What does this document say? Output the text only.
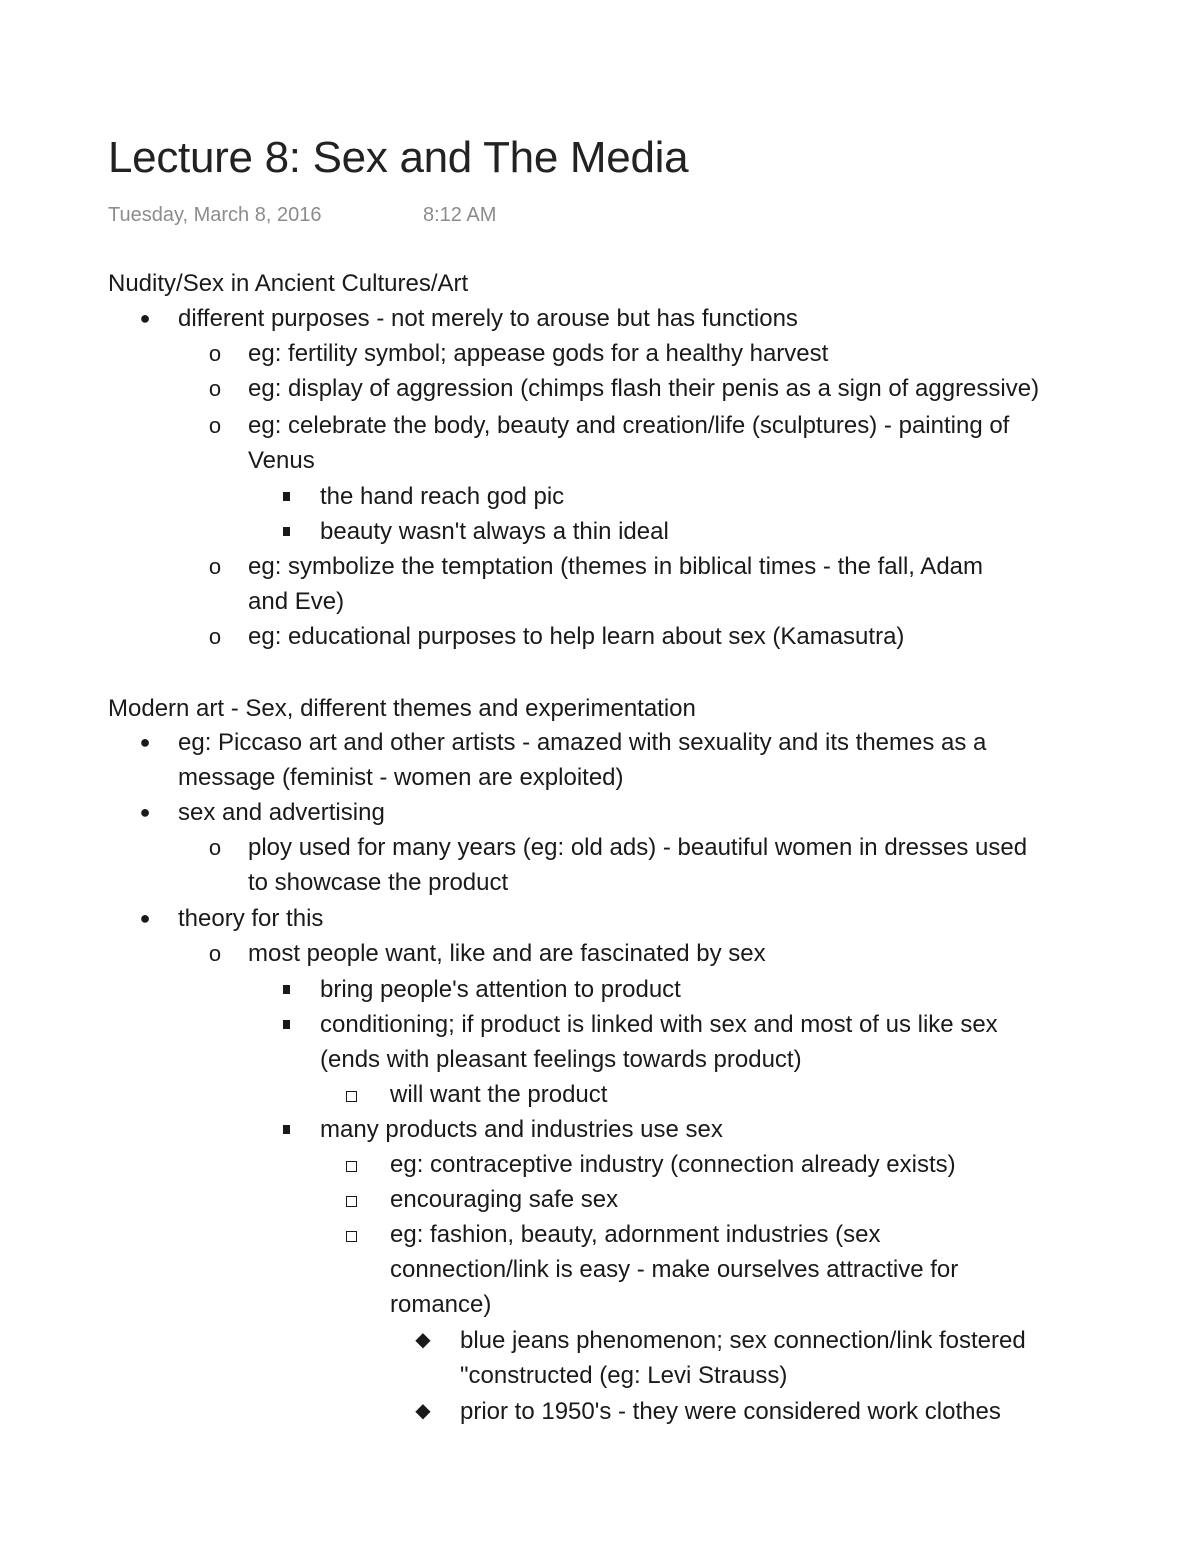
Lecture 8: Sex and The Media
Tuesday, March 8, 2016	8:12 AM
Nudity/Sex in Ancient Cultures/Art
● different purposes - not merely to arouse but has functions
o eg: fertility symbol; appease gods for a healthy harvest
o eg: display of aggression (chimps flash their penis as a sign of aggressive)
o eg: celebrate the body, beauty and creation/life (sculptures) - painting of
Venus
the hand reach god pic
beauty wasn't always a thin ideal
o eg: symbolize the temptation (themes in biblical times - the fall, Adam
and Eve)
o eg: educational purposes to help learn about sex (Kamasutra)
Modern art - Sex, different themes and experimentation
● eg: Piccaso art and other artists - amazed with sexuality and its themes as a
message (feminist - women are exploited)
● sex and advertising
o ploy used for many years (eg: old ads) - beautiful women in dresses used
to showcase the product
● theory for this
o most people want, like and are fascinated by sex
bring people's attention to product
conditioning; if product is linked with sex and most of us like sex
(ends with pleasant feelings towards product)
will want the product
many products and industries use sex
eg: contraceptive industry (connection already exists)
encouraging safe sex
eg: fashion, beauty, adornment industries (sex
connection/link is easy - make ourselves attractive for
romance)
◆ blue jeans phenomenon; sex connection/link fostered
"constructed (eg: Levi Strauss)
◆ prior to 1950's - they were considered work clothes
